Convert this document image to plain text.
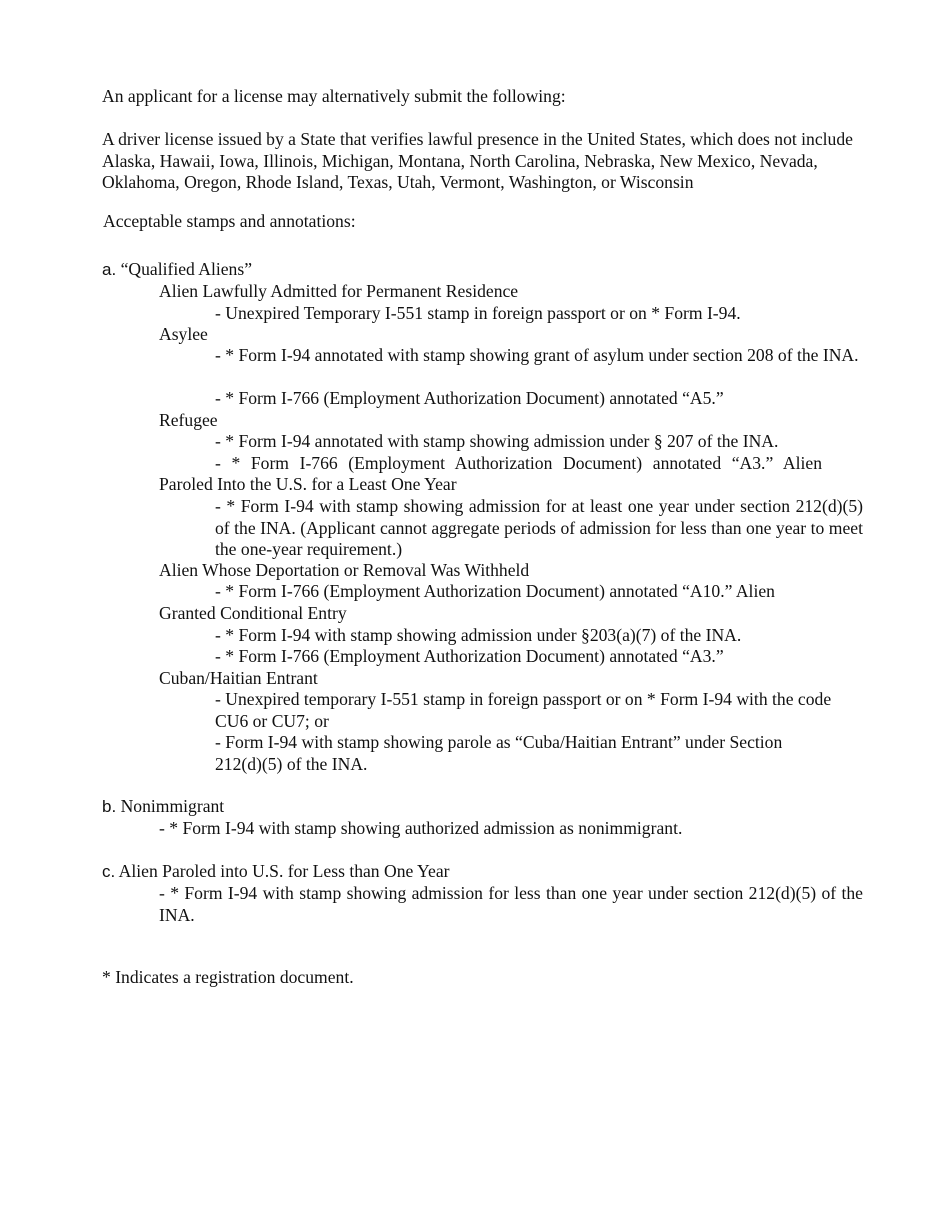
An applicant for a license may alternatively submit the following:

A driver license issued by a State that verifies lawful presence in the United States, which does not include Alaska, Hawaii, Iowa, Illinois, Michigan, Montana, North Carolina, Nebraska, New Mexico, Nevada, Oklahoma, Oregon, Rhode Island, Texas, Utah, Vermont, Washington, or Wisconsin

Acceptable stamps and annotations:

a. “Qualified Aliens”
Alien Lawfully Admitted for Permanent Residence
- Unexpired Temporary I-551 stamp in foreign passport or on * Form I-94.
Asylee
- * Form I-94 annotated with stamp showing grant of asylum under section 208 of the INA.
- * Form I-766 (Employment Authorization Document) annotated “A5.”
Refugee
- * Form I-94 annotated with stamp showing admission under § 207 of the INA.
- * Form I-766 (Employment Authorization Document) annotated “A3.” Alien
Paroled Into the U.S. for a Least One Year
- * Form I-94 with stamp showing admission for at least one year under section 212(d)(5) of the INA. (Applicant cannot aggregate periods of admission for less than one year to meet the one-year requirement.)
Alien Whose Deportation or Removal Was Withheld
- * Form I-766 (Employment Authorization Document) annotated “A10.” Alien
Granted Conditional Entry
- * Form I-94 with stamp showing admission under §203(a)(7) of the INA.
- * Form I-766 (Employment Authorization Document) annotated “A3.”
Cuban/Haitian Entrant
- Unexpired temporary I-551 stamp in foreign passport or on * Form I-94 with the code CU6 or CU7; or
- Form I-94 with stamp showing parole as “Cuba/Haitian Entrant” under Section 212(d)(5) of the INA.
b. Nonimmigrant
- * Form I-94 with stamp showing authorized admission as nonimmigrant.
c. Alien Paroled into U.S. for Less than One Year
- * Form I-94 with stamp showing admission for less than one year under section 212(d)(5) of the INA.

* Indicates a registration document.
